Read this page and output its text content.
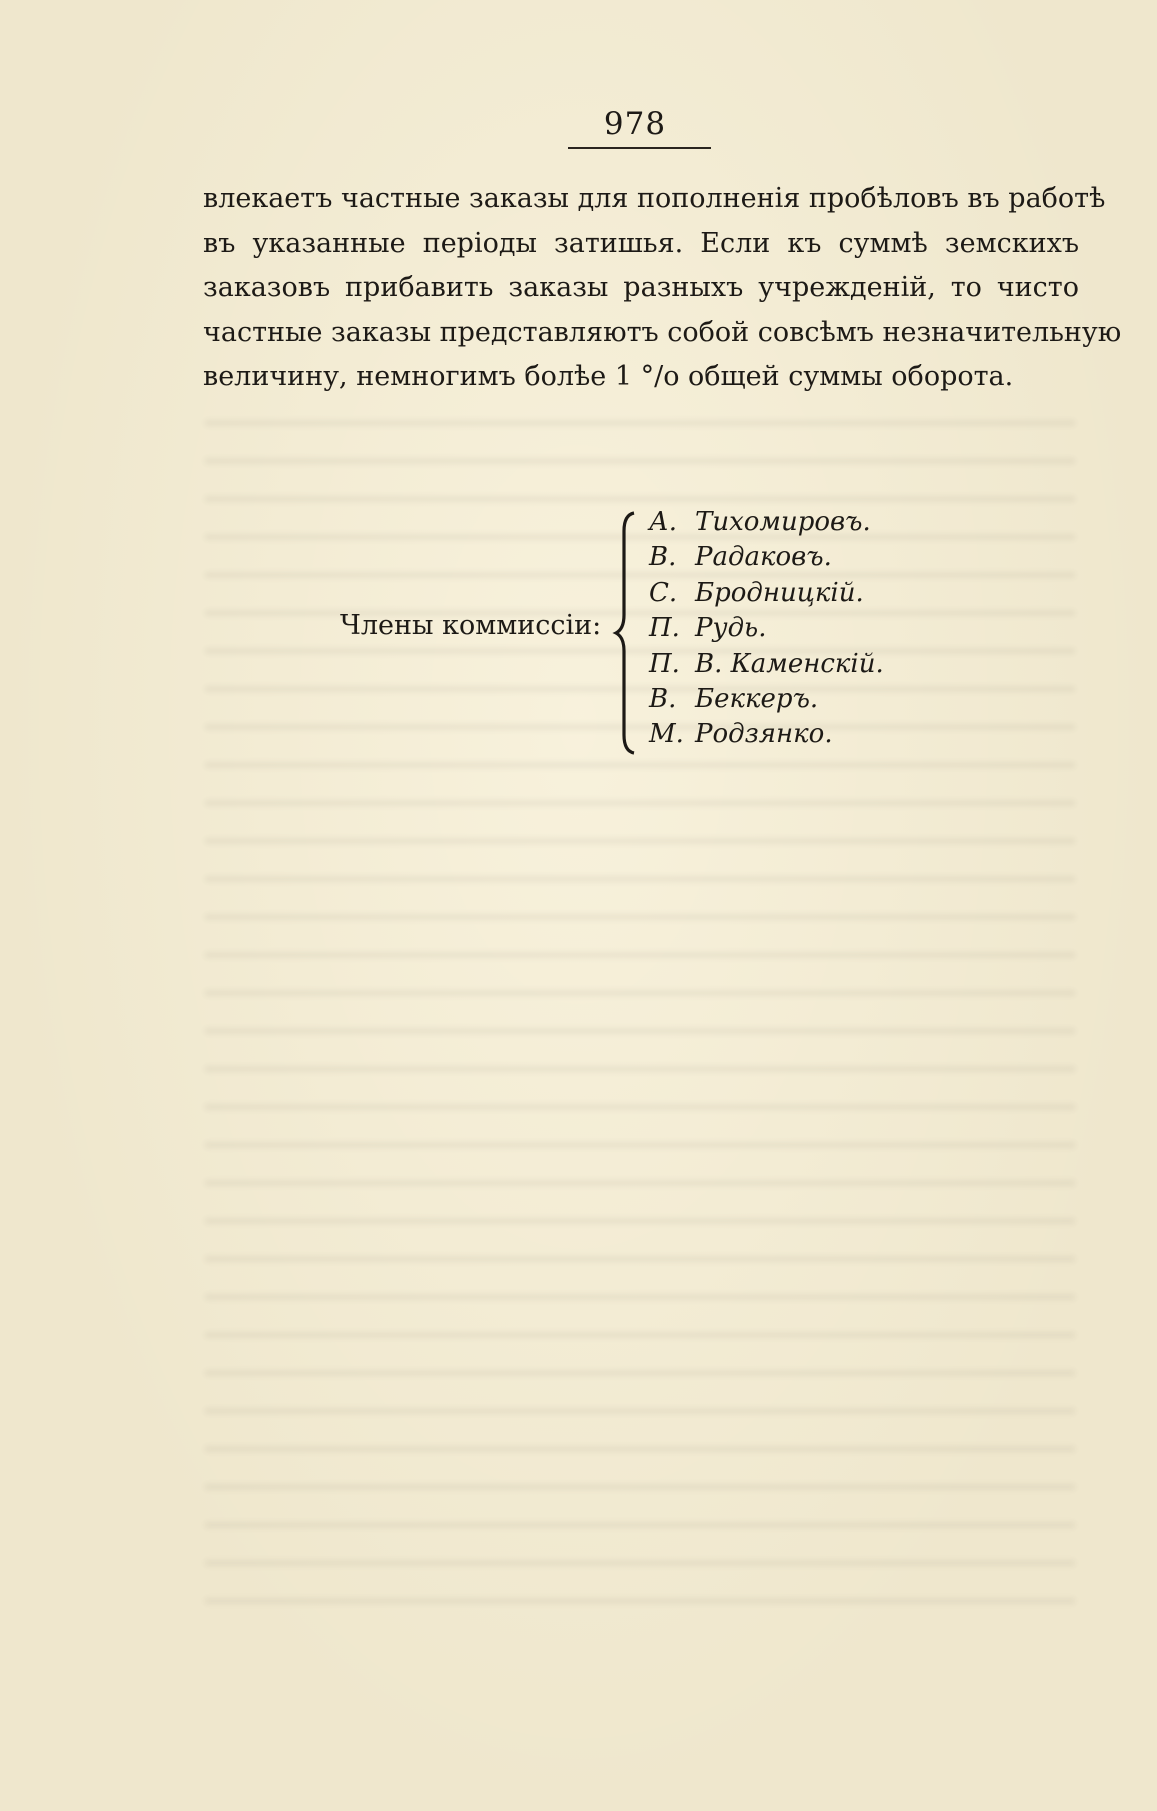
978
влекаетъ частные заказы для пополненія пробѣловъ въ работѣ
въ указанные періоды затишья. Если къ суммѣ земскихъ
заказовъ прибавить заказы разныхъ учрежденій, то чисто
частные заказы представляютъ собой совсѣмъ незначительную
величину, немногимъ болѣе 1 °/о общей суммы оборота.
Члены коммиссіи:
А. Тихомировъ.
В. Радаковъ.
С. Бродницкій.
П. Рудь.
П. В. Каменскій.
В. Беккеръ.
М. Родзянко.
